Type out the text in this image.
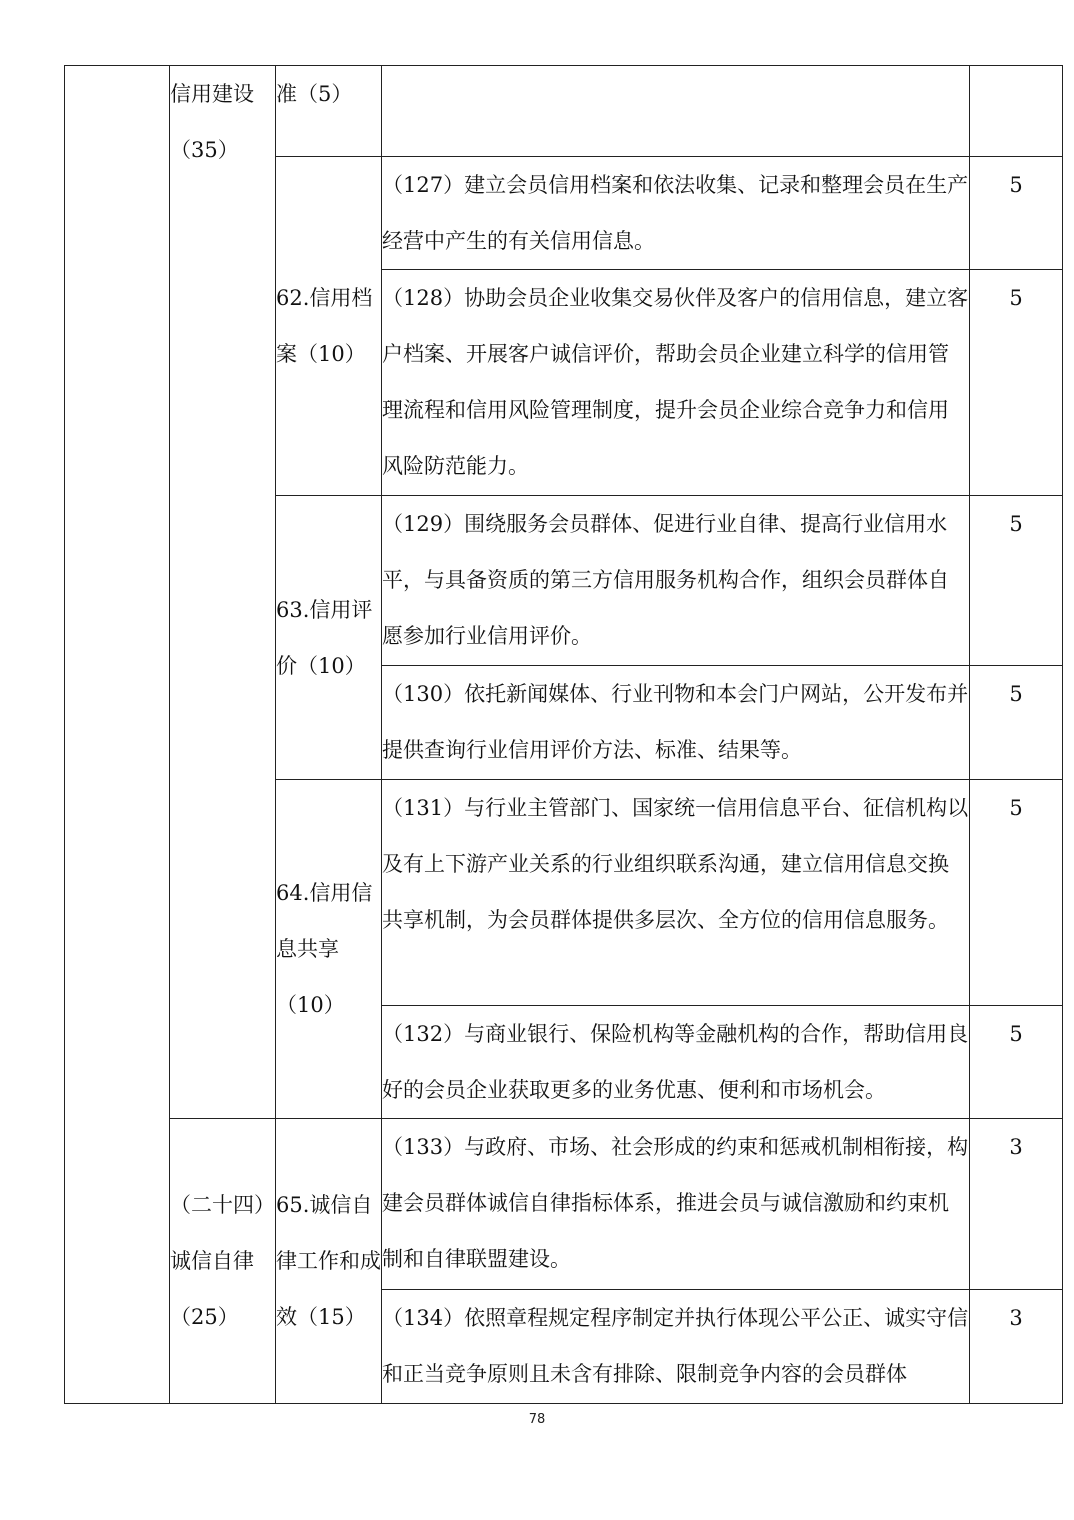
	信用建设（35）	准（5）		
		62.信用档案（10）	（127）建立会员信用档案和依法收集、记录和整理会员在生产经营中产生的有关信用信息。	5
			（128）协助会员企业收集交易伙伴及客户的信用信息，建立客户档案、开展客户诚信评价，帮助会员企业建立科学的信用管理流程和信用风险管理制度，提升会员企业综合竞争力和信用风险防范能力。	5
		63.信用评价（10）	（129）围绕服务会员群体、促进行业自律、提高行业信用水平，与具备资质的第三方信用服务机构合作，组织会员群体自愿参加行业信用评价。	5
			（130）依托新闻媒体、行业刊物和本会门户网站，公开发布并提供查询行业信用评价方法、标准、结果等。	5
		64.信用信息共享（10）	（131）与行业主管部门、国家统一信用信息平台、征信机构以及有上下游产业关系的行业组织联系沟通，建立信用信息交换共享机制，为会员群体提供多层次、全方位的信用信息服务。	5
			（132）与商业银行、保险机构等金融机构的合作，帮助信用良好的会员企业获取更多的业务优惠、便利和市场机会。	5
	（二十四）诚信自律（25）	65.诚信自律工作和成效（15）	（133）与政府、市场、社会形成的约束和惩戒机制相衔接，构建会员群体诚信自律指标体系，推进会员与诚信激励和约束机制和自律联盟建设。	3
			（134）依照章程规定程序制定并执行体现公平公正、诚实守信和正当竞争原则且未含有排除、限制竞争内容的会员群体	3
78
